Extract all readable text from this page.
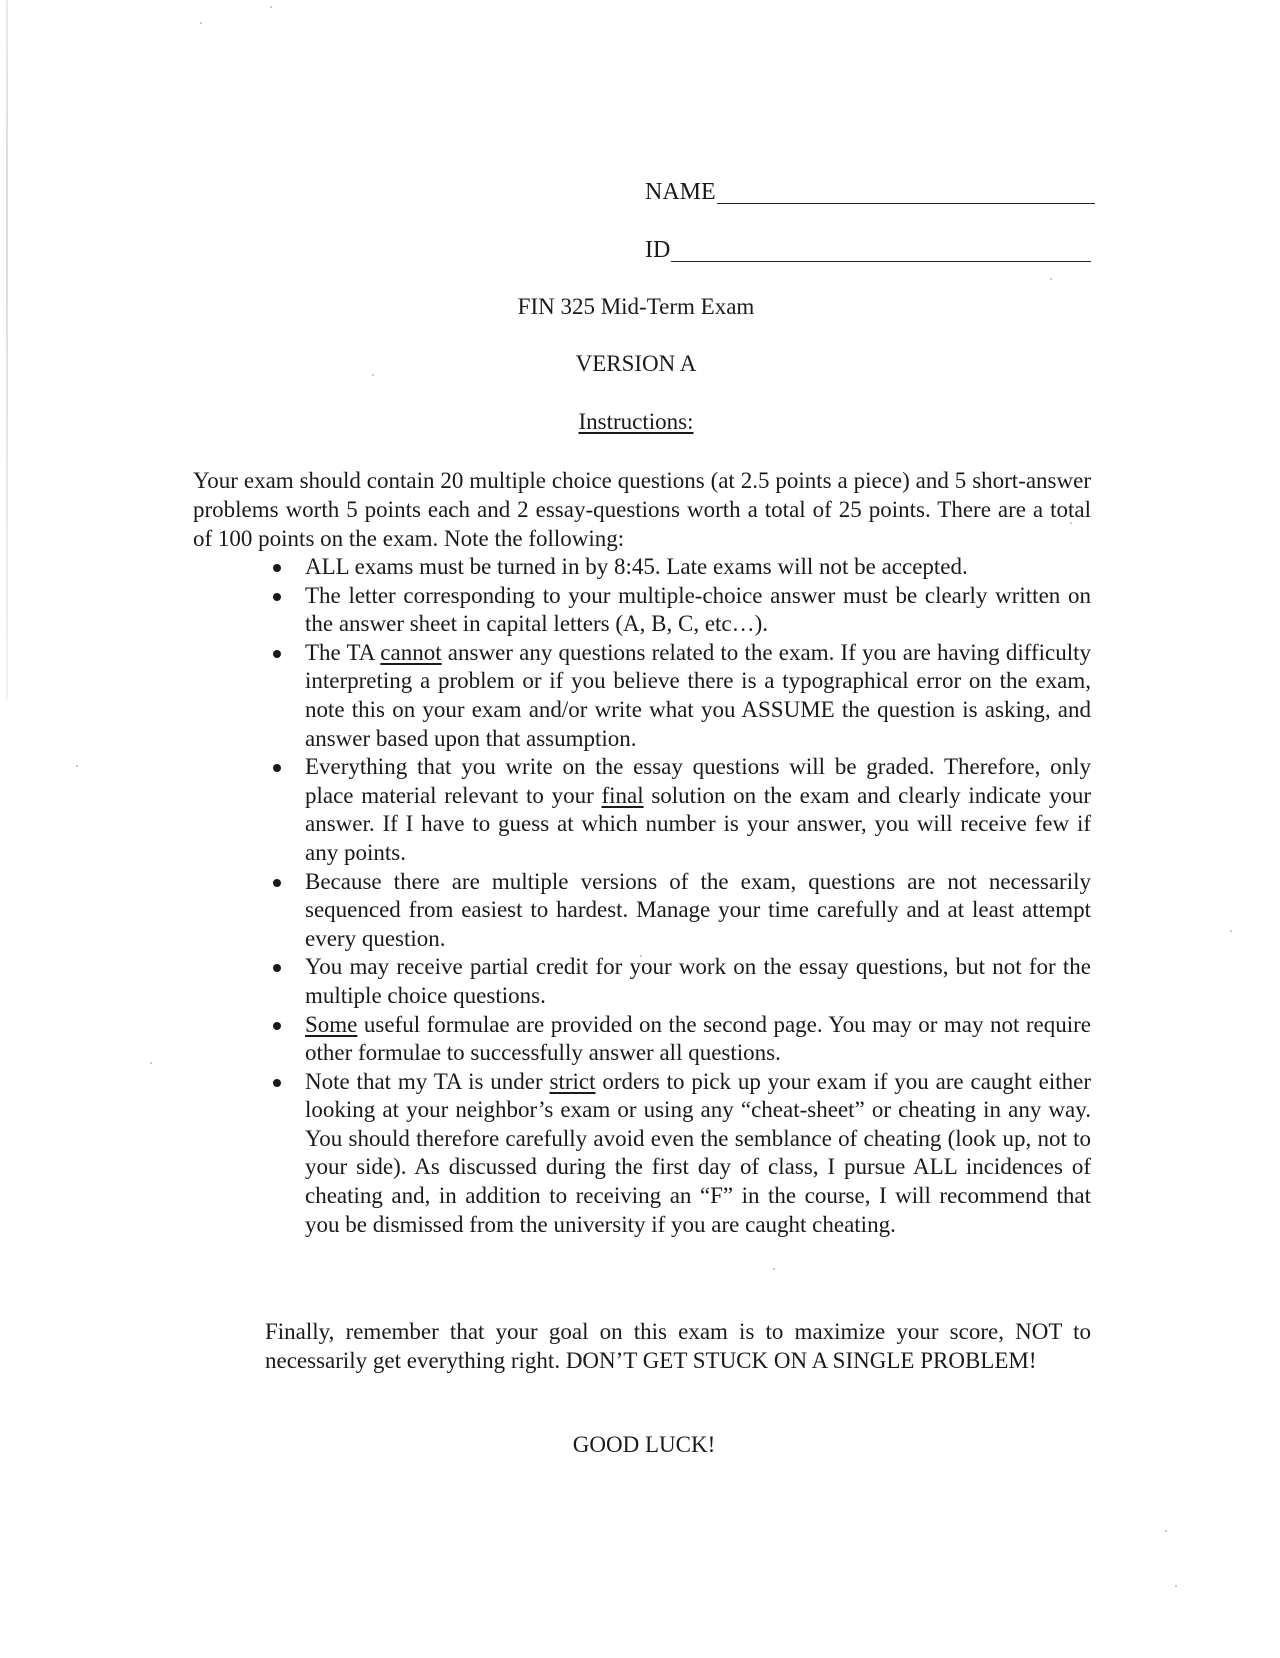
NAME
ID
FIN 325 Mid-Term Exam
VERSION A
Instructions:

Your exam should contain 20 multiple choice questions (at 2.5 points a piece) and 5 short-answer problems worth 5 points each and 2 essay-questions worth a total of 25 points. There are a total of 100 points on the exam. Note the following:

ALL exams must be turned in by 8:45. Late exams will not be accepted.
The letter corresponding to your multiple-choice answer must be clearly written on the answer sheet in capital letters (A, B, C, etc…).
The TA cannot answer any questions related to the exam. If you are having difficulty interpreting a problem or if you believe there is a typographical error on the exam, note this on your exam and/or write what you ASSUME the question is asking, and answer based upon that assumption.
Everything that you write on the essay questions will be graded. Therefore, only place material relevant to your final solution on the exam and clearly indicate your answer. If I have to guess at which number is your answer, you will receive few if any points.
Because there are multiple versions of the exam, questions are not necessarily sequenced from easiest to hardest. Manage your time carefully and at least attempt every question.
You may receive partial credit for your work on the essay questions, but not for the multiple choice questions.
Some useful formulae are provided on the second page. You may or may not require other formulae to successfully answer all questions.
Note that my TA is under strict orders to pick up your exam if you are caught either looking at your neighbor’s exam or using any “cheat-sheet” or cheating in any way. You should therefore carefully avoid even the semblance of cheating (look up, not to your side). As discussed during the first day of class, I pursue ALL incidences of cheating and, in addition to receiving an “F” in the course, I will recommend that you be dismissed from the university if you are caught cheating.

Finally, remember that your goal on this exam is to maximize your score, NOT to necessarily get everything right. DON’T GET STUCK ON A SINGLE PROBLEM!

GOOD LUCK!
